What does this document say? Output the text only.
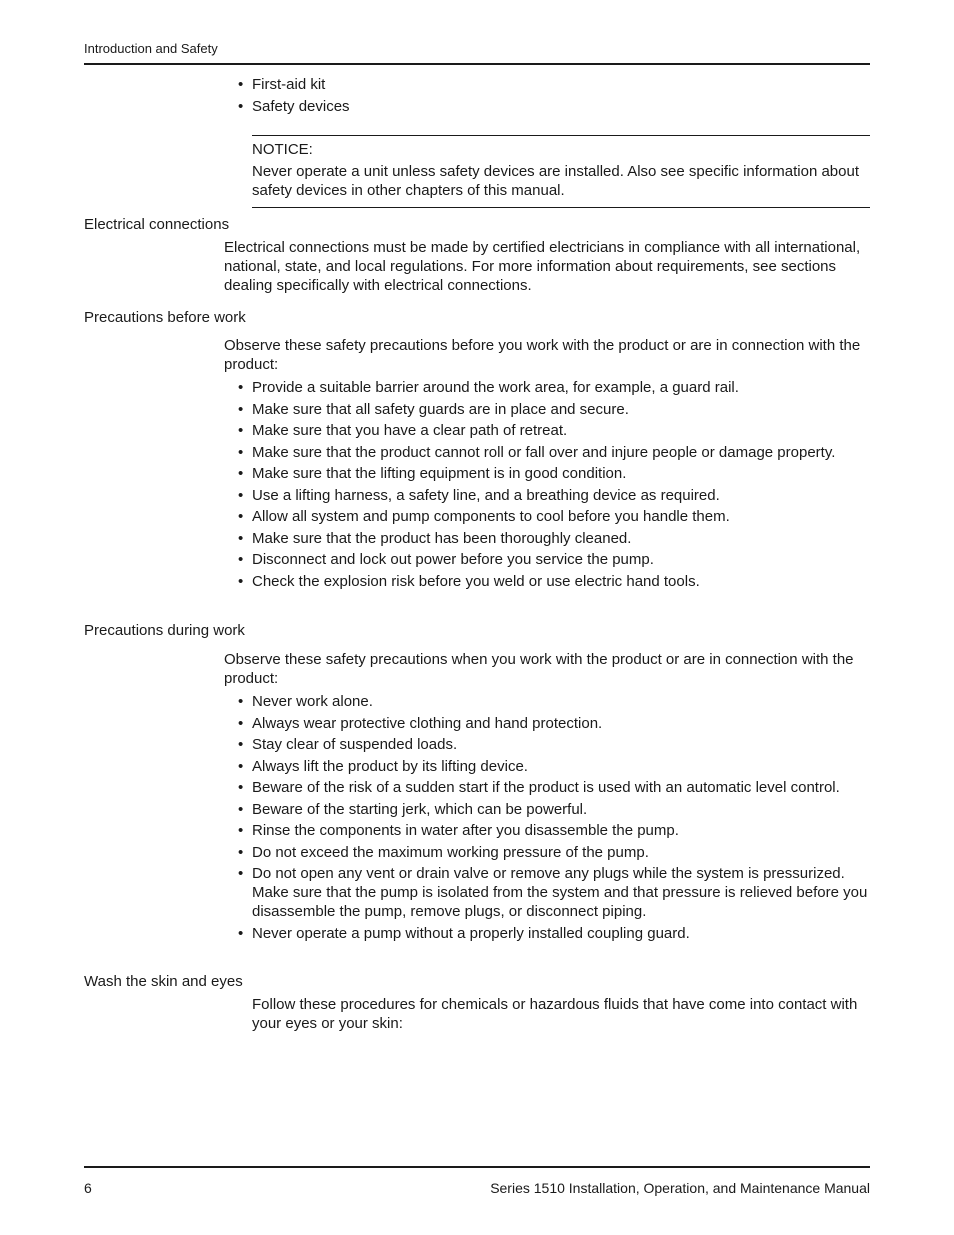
Introduction and Safety
• First-aid kit
• Safety devices
NOTICE:
Never operate a unit unless safety devices are installed. Also see specific information about safety devices in other chapters of this manual.
Electrical connections
Electrical connections must be made by certified electricians in compliance with all international, national, state, and local regulations. For more information about requirements, see sections dealing specifically with electrical connections.
Precautions before work
Observe these safety precautions before you work with the product or are in connection with the product:
• Provide a suitable barrier around the work area, for example, a guard rail.
• Make sure that all safety guards are in place and secure.
• Make sure that you have a clear path of retreat.
• Make sure that the product cannot roll or fall over and injure people or damage property.
• Make sure that the lifting equipment is in good condition.
• Use a lifting harness, a safety line, and a breathing device as required.
• Allow all system and pump components to cool before you handle them.
• Make sure that the product has been thoroughly cleaned.
• Disconnect and lock out power before you service the pump.
• Check the explosion risk before you weld or use electric hand tools.
Precautions during work
Observe these safety precautions when you work with the product or are in connection with the product:
• Never work alone.
• Always wear protective clothing and hand protection.
• Stay clear of suspended loads.
• Always lift the product by its lifting device.
• Beware of the risk of a sudden start if the product is used with an automatic level control.
• Beware of the starting jerk, which can be powerful.
• Rinse the components in water after you disassemble the pump.
• Do not exceed the maximum working pressure of the pump.
• Do not open any vent or drain valve or remove any plugs while the system is pressurized. Make sure that the pump is isolated from the system and that pressure is relieved before you disassemble the pump, remove plugs, or disconnect piping.
• Never operate a pump without a properly installed coupling guard.
Wash the skin and eyes
Follow these procedures for chemicals or hazardous fluids that have come into contact with your eyes or your skin:
6	Series 1510 Installation, Operation, and Maintenance Manual
